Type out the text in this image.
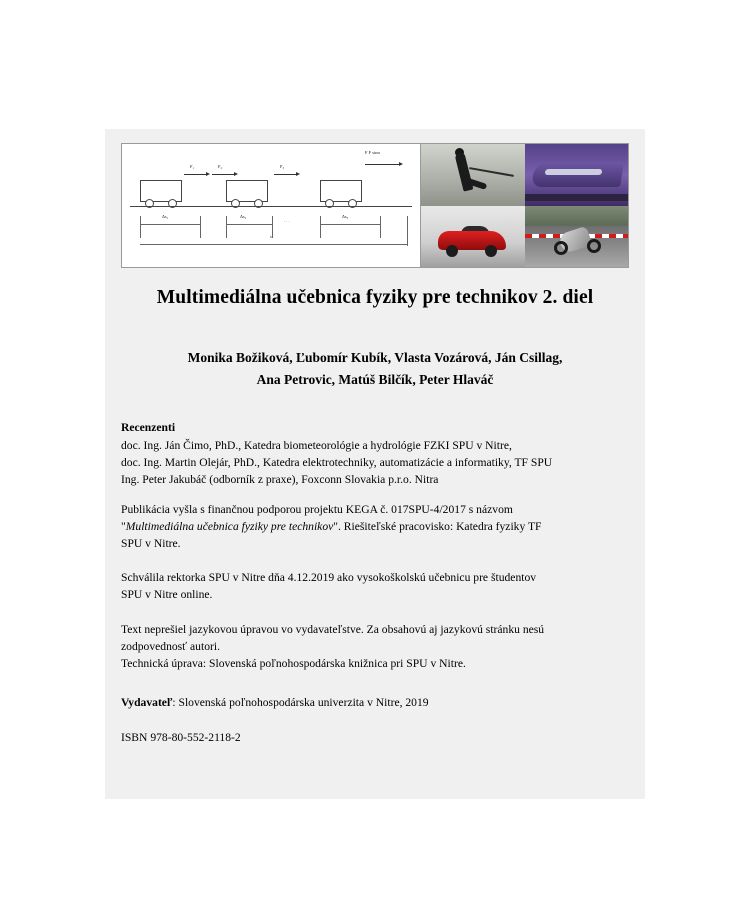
F₁	F₂	F₃
F F sinα
Δs₁	Δs₂
. . .
Δs₃
s
Multimediálna učebnica fyziky pre technikov 2. diel
Monika Božiková, Ľubomír Kubík, Vlasta Vozárová, Ján Csillag,
Ana Petrovic, Matúš Bilčík, Peter Hlaváč
Recenzenti
doc. Ing. Ján Čimo, PhD., Katedra biometeorológie a hydrológie FZKI SPU v Nitre,
doc. Ing. Martin Olejár, PhD., Katedra elektrotechniky, automatizácie a informatiky, TF SPU
Ing. Peter Jakubáč (odborník z praxe), Foxconn Slovakia p.r.o. Nitra
Publikácia vyšla s finančnou podporou projektu KEGA č. 017SPU-4/2017 s názvom
"Multimediálna učebnica fyziky pre technikov". Riešiteľské pracovisko: Katedra fyziky TF
SPU v Nitre.
Schválila rektorka SPU v Nitre dňa 4.12.2019 ako vysokoškolskú učebnicu pre študentov
SPU v Nitre online.
Text neprešiel jazykovou úpravou vo vydavateľstve. Za obsahovú aj jazykovú stránku nesú
zodpovednosť autori.
Technická úprava: Slovenská poľnohospodárska knižnica pri SPU v Nitre.
Vydavateľ: Slovenská poľnohospodárska univerzita v Nitre, 2019
ISBN 978-80-552-2118-2
